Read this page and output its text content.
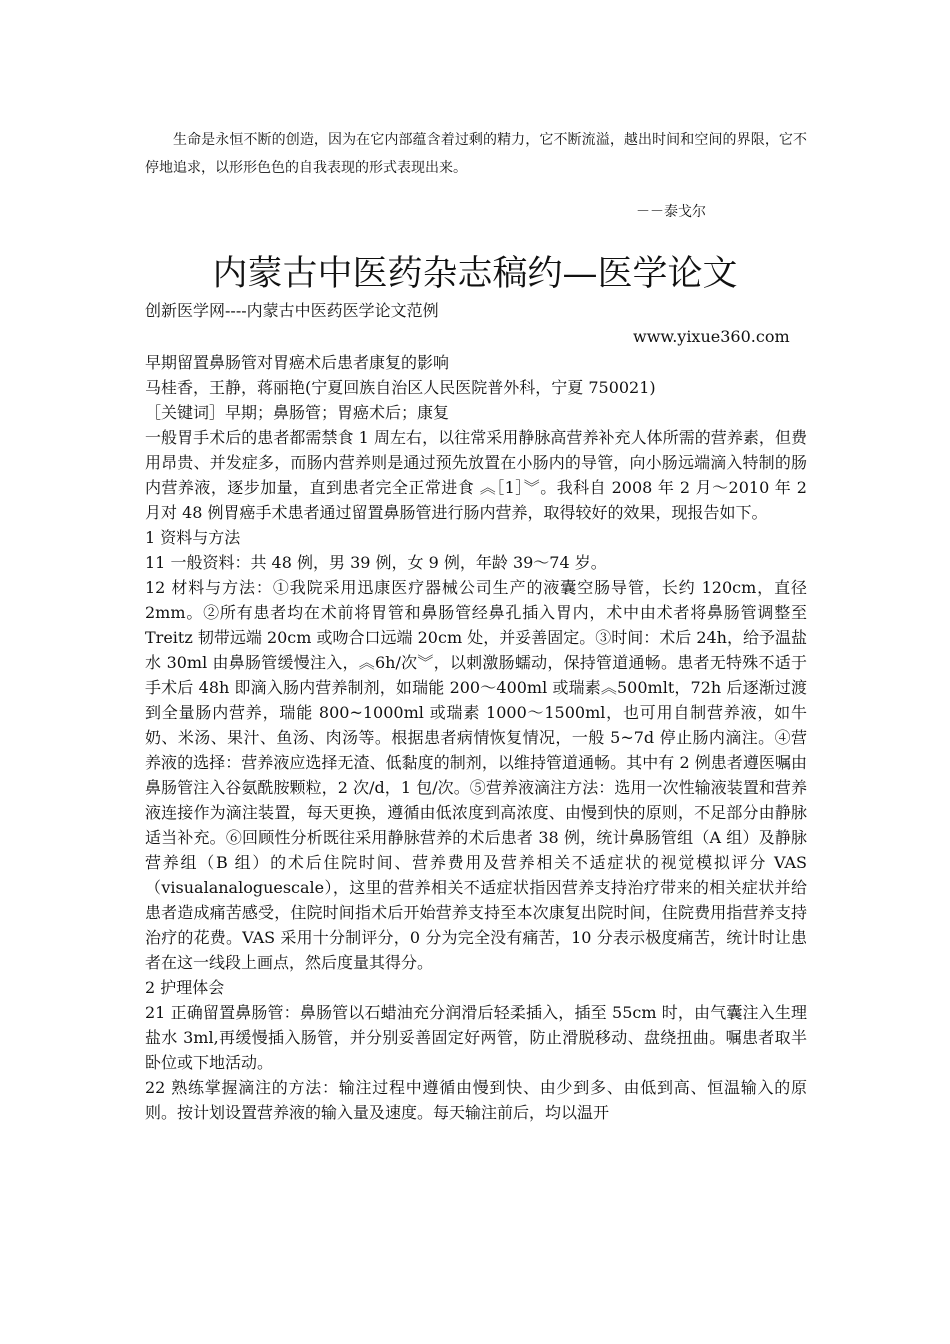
生命是永恒不断的创造，因为在它内部蕴含着过剩的精力，它不断流溢，越出时间和空间的界限，它不停地追求，以形形色色的自我表现的形式表现出来。
－－泰戈尔
内蒙古中医药杂志稿约—医学论文
创新医学网----内蒙古中医药医学论文范例
www.yixue360.com

早期留置鼻肠管对胃癌术后患者康复的影响

马桂香，王静，蒋丽艳(宁夏回族自治区人民医院普外科，宁夏 750021)

［关键词］早期；鼻肠管；胃癌术后；康复

一般胃手术后的患者都需禁食 1 周左右，以往常采用静脉高营养补充人体所需的营养素，但费用昂贵、并发症多，而肠内营养则是通过预先放置在小肠内的导管，向小肠远端滴入特制的肠内营养液，逐步加量，直到患者完全正常进食 ︽［1］︾。我科自 2008 年 2 月～2010 年 2 月对 48 例胃癌手术患者通过留置鼻肠管进行肠内营养，取得较好的效果，现报告如下。

1 资料与方法

11 一般资料：共 48 例，男 39 例，女 9 例，年龄 39～74 岁。

12 材料与方法：①我院采用迅康医疗器械公司生产的液囊空肠导管，长约 120cm，直径 2mm。②所有患者均在术前将胃管和鼻肠管经鼻孔插入胃内，术中由术者将鼻肠管调整至 Treitz 韧带远端 20cm 或吻合口远端 20cm 处，并妥善固定。③时间：术后 24h，给予温盐水 30ml 由鼻肠管缓慢注入，︽6h/次︾，以刺激肠蠕动，保持管道通畅。患者无特殊不适于手术后 48h 即滴入肠内营养制剂，如瑞能 200～400ml 或瑞素︽500mlt，72h 后逐渐过渡到全量肠内营养，瑞能 800~1000ml 或瑞素 1000～1500ml，也可用自制营养液，如牛奶、米汤、果汁、鱼汤、肉汤等。根据患者病情恢复情况，一般 5~7d 停止肠内滴注。④营养液的选择：营养液应选择无渣、低黏度的制剂，以维持管道通畅。其中有 2 例患者遵医嘱由鼻肠管注入谷氨酰胺颗粒，2 次/d，1 包/次。⑤营养液滴注方法：选用一次性输液装置和营养液连接作为滴注装置，每天更换，遵循由低浓度到高浓度、由慢到快的原则，不足部分由静脉适当补充。⑥回顾性分析既往采用静脉营养的术后患者 38 例，统计鼻肠管组（A 组）及静脉营养组（B 组）的术后住院时间、营养费用及营养相关不适症状的视觉模拟评分 VAS（visualanaloguescale），这里的营养相关不适症状指因营养支持治疗带来的相关症状并给患者造成痛苦感受，住院时间指术后开始营养支持至本次康复出院时间，住院费用指营养支持治疗的花费。VAS 采用十分制评分，0 分为完全没有痛苦，10 分表示极度痛苦，统计时让患者在这一线段上画点，然后度量其得分。

2 护理体会

21 正确留置鼻肠管：鼻肠管以石蜡油充分润滑后轻柔插入，插至 55cm 时，由气囊注入生理盐水 3ml,再缓慢插入肠管，并分别妥善固定好两管，防止滑脱移动、盘绕扭曲。嘱患者取半卧位或下地活动。

22 熟练掌握滴注的方法：输注过程中遵循由慢到快、由少到多、由低到高、恒温输入的原则。按计划设置营养液的输入量及速度。每天输注前后，均以温开
